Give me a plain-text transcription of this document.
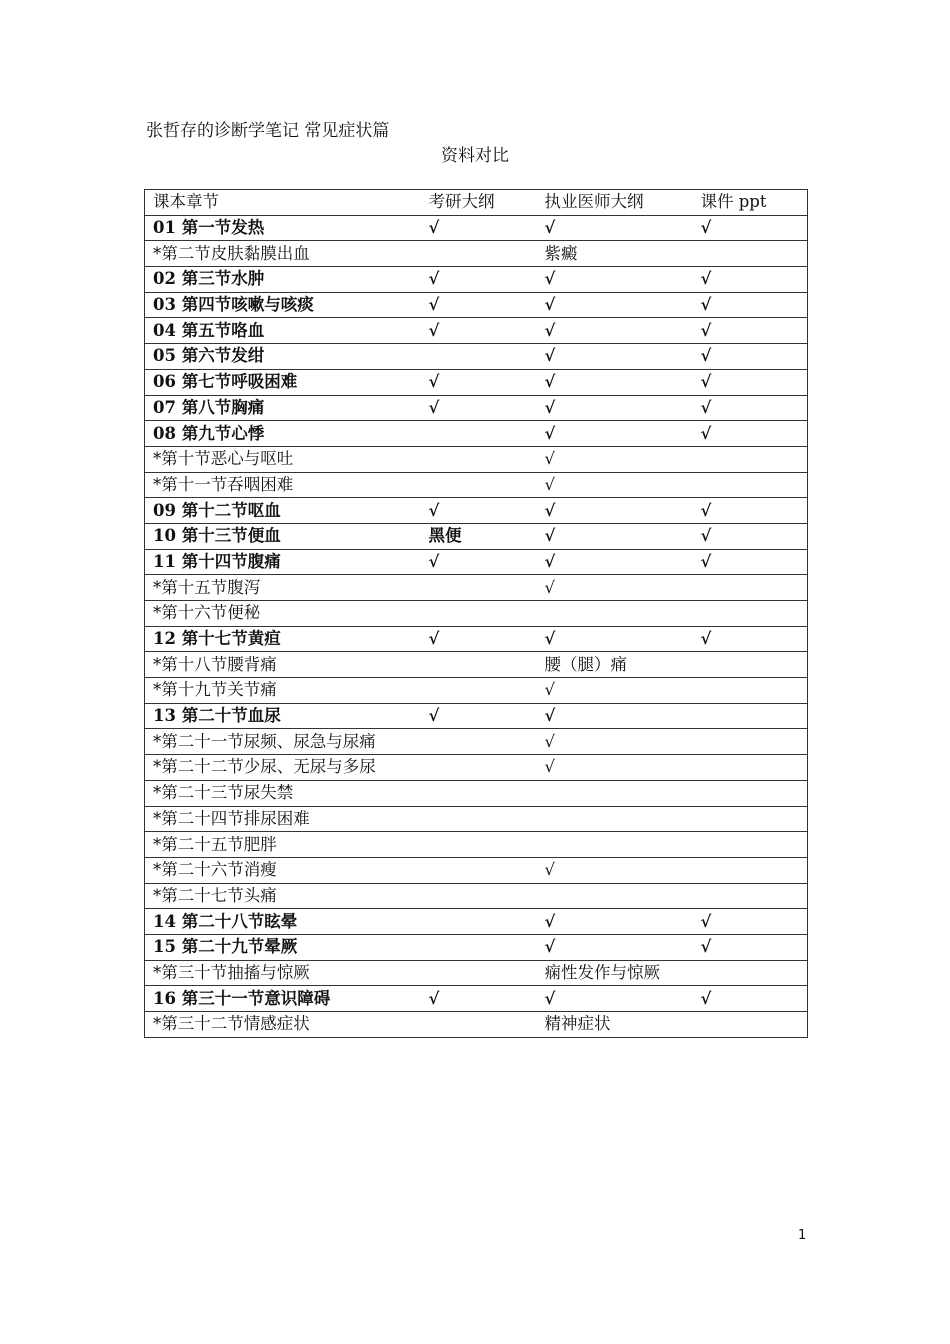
张哲存的诊断学笔记 常见症状篇
资料对比
课本章节	考研大纲	执业医师大纲	课件 ppt
01 第一节发热	√	√	√
*第二节皮肤黏膜出血		紫癜	
02 第三节水肿	√	√	√
03 第四节咳嗽与咳痰	√	√	√
04 第五节咯血	√	√	√
05 第六节发绀		√	√
06 第七节呼吸困难	√	√	√
07 第八节胸痛	√	√	√
08 第九节心悸		√	√
*第十节恶心与呕吐		√	
*第十一节吞咽困难		√	
09 第十二节呕血	√	√	√
10 第十三节便血	黑便	√	√
11 第十四节腹痛	√	√	√
*第十五节腹泻		√	
*第十六节便秘			
12 第十七节黄疸	√	√	√
*第十八节腰背痛		腰（腿）痛	
*第十九节关节痛		√	
13 第二十节血尿	√	√	
*第二十一节尿频、尿急与尿痛		√	
*第二十二节少尿、无尿与多尿		√	
*第二十三节尿失禁			
*第二十四节排尿困难			
*第二十五节肥胖			
*第二十六节消瘦		√	
*第二十七节头痛			
14 第二十八节眩晕		√	√
15 第二十九节晕厥		√	√
*第三十节抽搐与惊厥		痫性发作与惊厥	
16 第三十一节意识障碍	√	√	√
*第三十二节情感症状		精神症状	
1
